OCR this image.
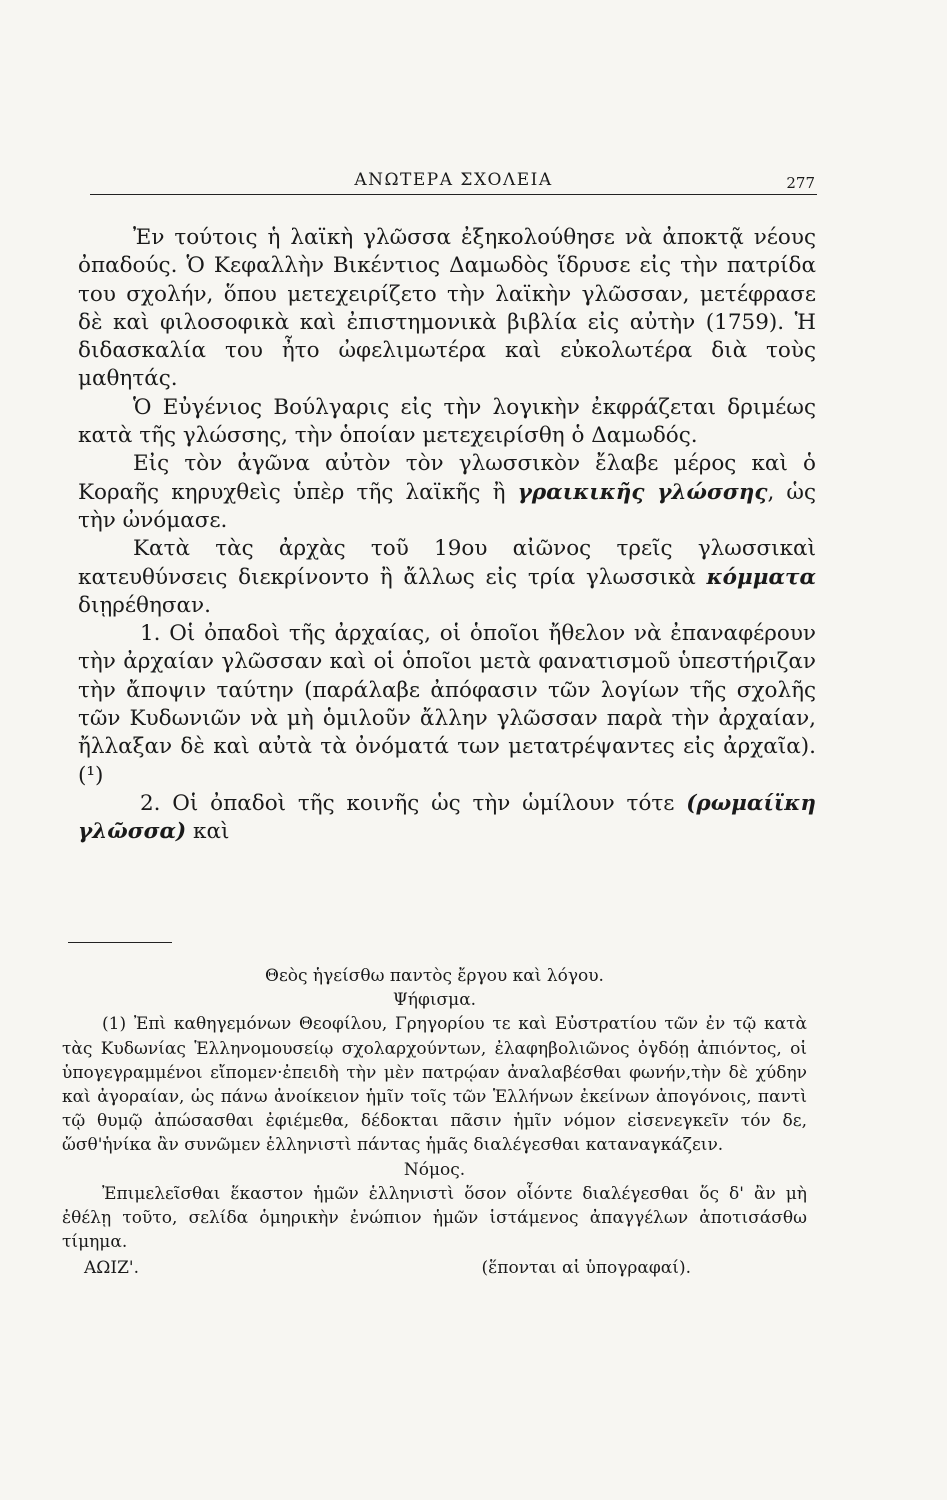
ΑΝΩΤΕΡΑ ΣΧΟΛΕΙΑ	277

Ἐν τούτοις ἡ λαϊκὴ γλῶσσα ἐξηκολούθησε νὰ ἀποκτᾷ νέους ὀπαδούς. Ὁ Κεφαλλὴν Βικέντιος Δαμωδὸς ἵδρυσε εἰς τὴν πατρίδα του σχολήν, ὅπου μετεχειρίζετο τὴν λαϊκὴν γλῶσσαν, μετέφρασε δὲ καὶ φιλοσοφικὰ καὶ ἐπιστημονικὰ βιβλία εἰς αὐτὴν (1759). Ἡ διδασκαλία του ἦτο ὠφελιμωτέρα καὶ εὐκολωτέρα διὰ τοὺς μαθητάς.

Ὁ Εὐγένιος Βούλγαρις εἰς τὴν λογικὴν ἐκφράζεται δριμέως κατὰ τῆς γλώσσης, τὴν ὁποίαν μετεχειρίσθη ὁ Δαμωδός.

Εἰς τὸν ἀγῶνα αὐτὸν τὸν γλωσσικὸν ἔλαβε μέρος καὶ ὁ Κοραῆς κηρυχθεὶς ὑπὲρ τῆς λαϊκῆς ἢ γραικικῆς γλώσσης, ὡς τὴν ὠνόμασε.

Κατὰ τὰς ἀρχὰς τοῦ 19ου αἰῶνος τρεῖς γλωσσικαὶ κατευθύνσεις διεκρίνοντο ἢ ἄλλως εἰς τρία γλωσσικὰ κόμματα διῃρέθησαν.

1. Οἱ ὀπαδοὶ τῆς ἀρχαίας, οἱ ὁποῖοι ἤθελον νὰ ἐπαναφέρουν τὴν ἀρχαίαν γλῶσσαν καὶ οἱ ὁποῖοι μετὰ φανατισμοῦ ὑπεστήριζαν τὴν ἄποψιν ταύτην (παράλαβε ἀπόφασιν τῶν λογίων τῆς σχολῆς τῶν Κυδωνιῶν νὰ μὴ ὁμιλοῦν ἄλλην γλῶσσαν παρὰ τὴν ἀρχαίαν, ἤλλαξαν δὲ καὶ αὐτὰ τὰ ὀνόματά των μετατρέψαντες εἰς ἀρχαῖα). (¹)

2. Οἱ ὀπαδοὶ τῆς κοινῆς ὡς τὴν ὡμίλουν τότε (ρωμαίϊκη γλῶσσα) καὶ

Θεὸς ἡγείσθω παντὸς ἔργου καὶ λόγου.

Ψήφισμα.

(1) Ἐπὶ καθηγεμόνων Θεοφίλου, Γρηγορίου τε καὶ Εὐστρατίου τῶν ἐν τῷ κατὰ τὰς Κυδωνίας Ἑλληνομουσείῳ σχολαρχούντων, ἐλαφηβολιῶνος ὀγδόῃ ἀπιόντος, οἱ ὑπογεγραμμένοι εἴπομεν·ἐπειδὴ τὴν μὲν πατρῴαν ἀναλαβέσθαι φωνήν,τὴν δὲ χύδην καὶ ἀγοραίαν, ὡς πάνω ἀνοίκειον ἡμῖν τοῖς τῶν Ἑλλήνων ἐκείνων ἀπογόνοις, παντὶ τῷ θυμῷ ἀπώσασθαι ἐφιέμεθα, δέδοκται πᾶσιν ἡμῖν νόμον εἰσενεγκεῖν τόν δε, ὥσθ'ἡνίκα ἂν συνῶμεν ἑλληνιστὶ πάντας ἡμᾶς διαλέγεσθαι καταναγκάζειν.

Νόμος.

Ἐπιμελεῖσθαι ἕκαστον ἡμῶν ἑλληνιστὶ ὅσον οἷόντε διαλέγεσθαι ὅς δ' ἂν μὴ ἐθέλῃ τοῦτο, σελίδα ὁμηρικὴν ἐνώπιον ἡμῶν ἱστάμενος ἀπαγγέλων ἀποτισάσθω τίμημα.

ΑΩΙΖ'.	(ἕπονται αἱ ὑπογραφαί).
